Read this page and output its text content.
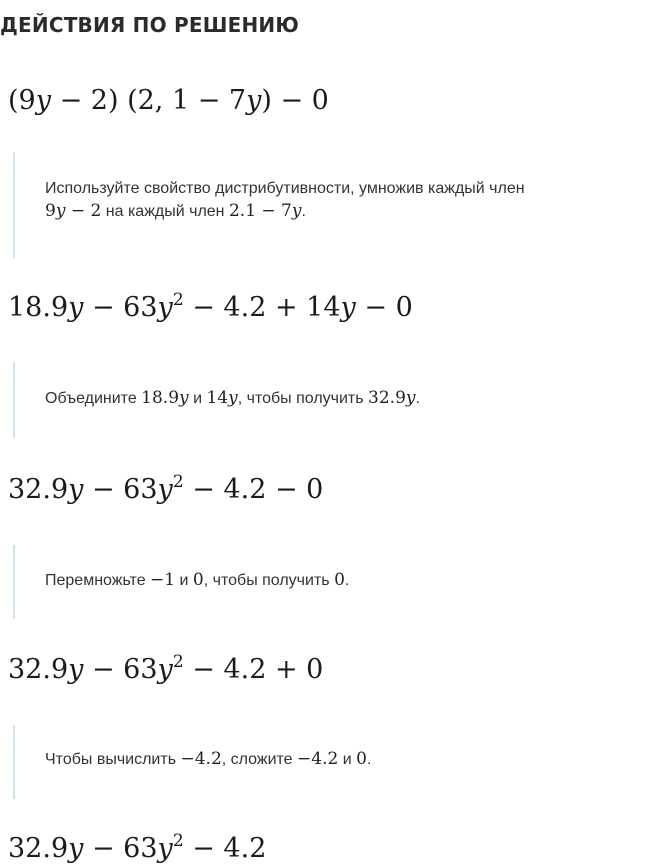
ДЕЙСТВИЯ ПО РЕШЕНИЮ
(9y − 2) (2, 1 − 7y) − 0
Используйте свойство дистрибутивности, умножив каждый член
9y − 2 на каждый член 2.1 − 7y.
$18.9y - 63y^2 - 4.2 + 14y - 0$
Объедините 18.9y и 14y, чтобы получить 32.9y.
$32.9y - 63y^2 - 4.2 - 0$
Перемножьте −1 и 0, чтобы получить 0.
$32.9y - 63y^2 - 4.2 + 0$
Чтобы вычислить −4.2, сложите −4.2 и 0.
$32.9y - 63y^2 - 4.2$
